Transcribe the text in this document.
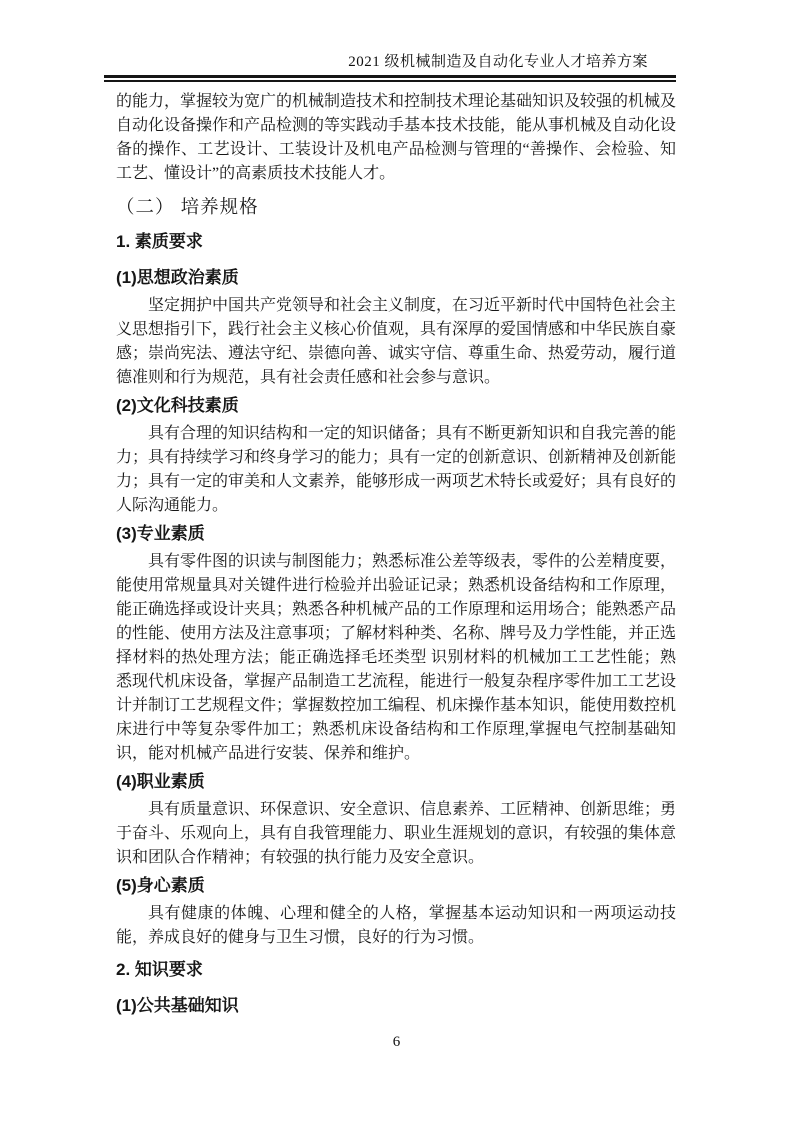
2021 级机械制造及自动化专业人才培养方案

的能力，掌握较为宽广的机械制造技术和控制技术理论基础知识及较强的机械及自动化设备操作和产品检测的等实践动手基本技术技能，能从事机械及自动化设备的操作、工艺设计、工装设计及机电产品检测与管理的“善操作、会检验、知工艺、懂设计”的高素质技术技能人才。

（二） 培养规格
1. 素质要求
(1)思想政治素质

坚定拥护中国共产党领导和社会主义制度，在习近平新时代中国特色社会主义思想指引下，践行社会主义核心价值观，具有深厚的爱国情感和中华民族自豪感；崇尚宪法、遵法守纪、崇德向善、诚实守信、尊重生命、热爱劳动，履行道德准则和行为规范，具有社会责任感和社会参与意识。

(2)文化科技素质

具有合理的知识结构和一定的知识储备；具有不断更新知识和自我完善的能力；具有持续学习和终身学习的能力；具有一定的创新意识、创新精神及创新能力；具有一定的审美和人文素养，能够形成一两项艺术特长或爱好；具有良好的人际沟通能力。

(3)专业素质

具有零件图的识读与制图能力；熟悉标准公差等级表，零件的公差精度要，能使用常规量具对关键件进行检验并出验证记录；熟悉机设备结构和工作原理，能正确选择或设计夹具；熟悉各种机械产品的工作原理和运用场合；能熟悉产品的性能、使用方法及注意事项；了解材料种类、名称、牌号及力学性能，并正选择材料的热处理方法；能正确选择毛坯类型 识别材料的机械加工工艺性能；熟悉现代机床设备，掌握产品制造工艺流程，能进行一般复杂程序零件加工工艺设计并制订工艺规程文件；掌握数控加工编程、机床操作基本知识，能使用数控机床进行中等复杂零件加工；熟悉机床设备结构和工作原理,掌握电气控制基础知识，能对机械产品进行安装、保养和维护。

(4)职业素质

具有质量意识、环保意识、安全意识、信息素养、工匠精神、创新思维；勇于奋斗、乐观向上，具有自我管理能力、职业生涯规划的意识，有较强的集体意识和团队合作精神；有较强的执行能力及安全意识。

(5)身心素质

具有健康的体魄、心理和健全的人格，掌握基本运动知识和一两项运动技能，养成良好的健身与卫生习惯，良好的行为习惯。

2. 知识要求
(1)公共基础知识
6
